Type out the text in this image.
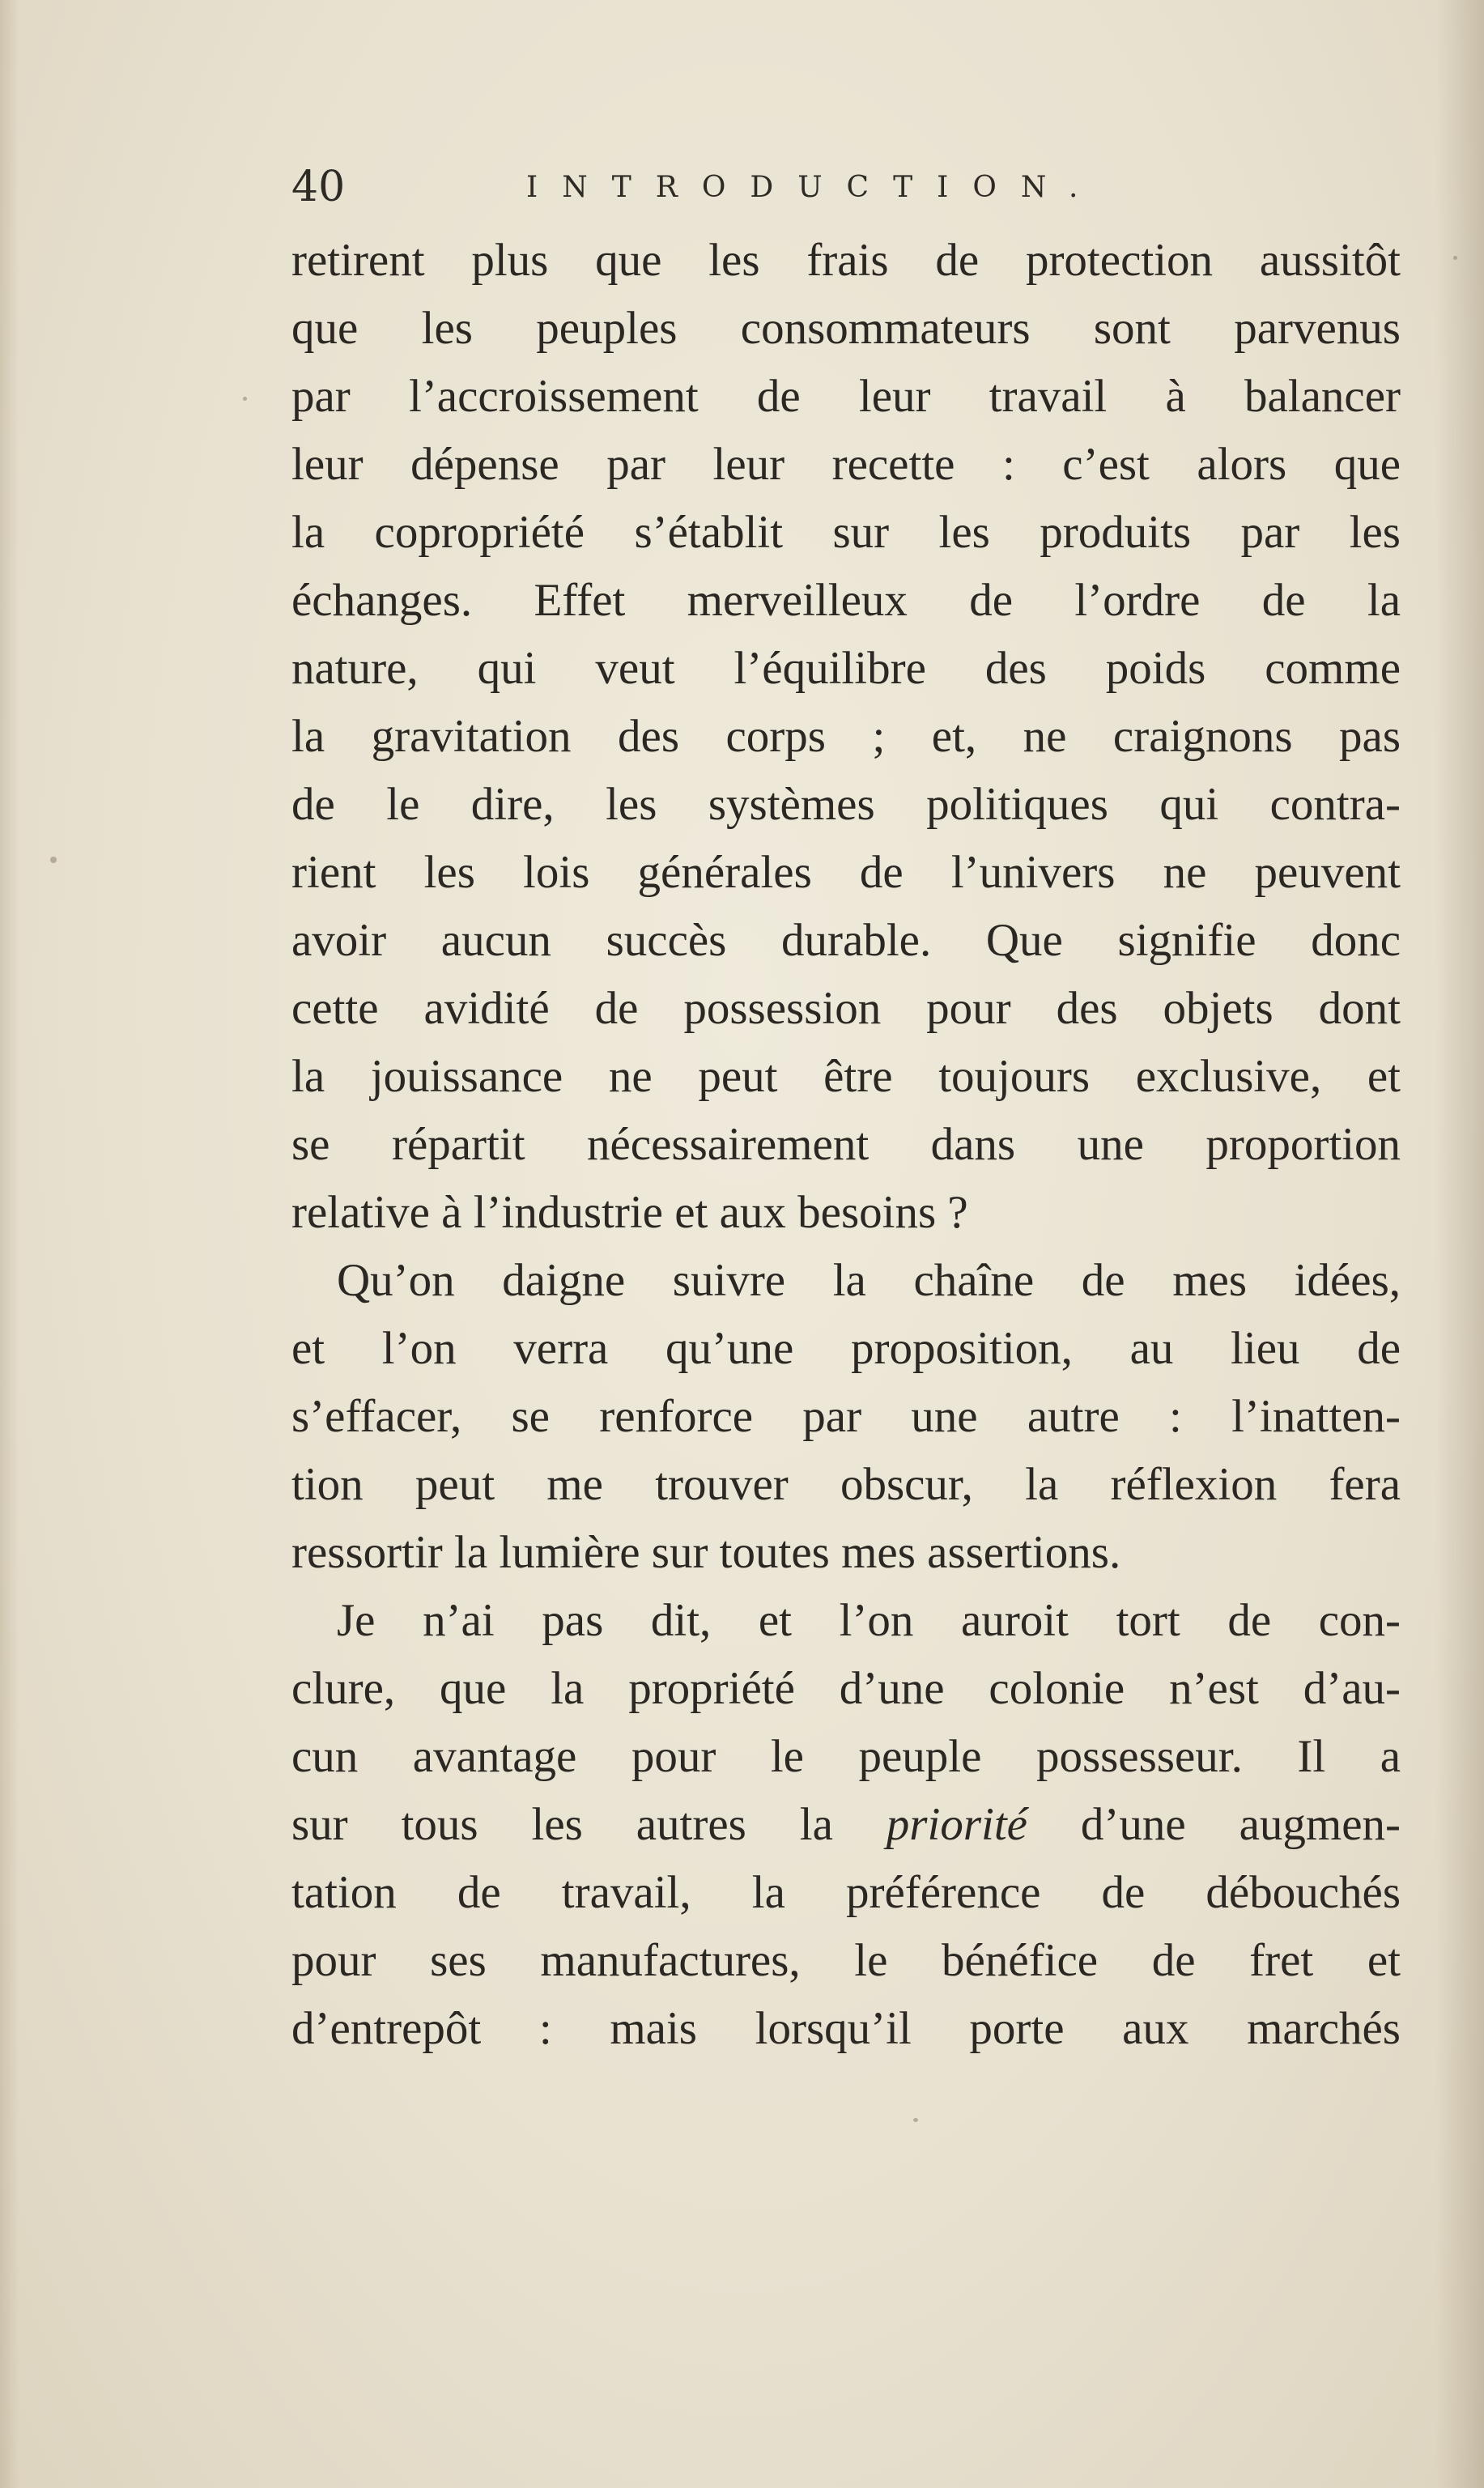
40	INTRODUCTION.

retirent plus que les frais de protection aussitôt
que les peuples consommateurs sont parvenus
par l’accroissement de leur travail à balancer
leur dépense par leur recette : c’est alors que
la copropriété s’établit sur les produits par les
échanges. Effet merveilleux de l’ordre de la
nature, qui veut l’équilibre des poids comme
la gravitation des corps ; et, ne craignons pas
de le dire, les systèmes politiques qui contra-
rient les lois générales de l’univers ne peuvent
avoir aucun succès durable. Que signifie donc
cette avidité de possession pour des objets dont
la jouissance ne peut être toujours exclusive, et
se répartit nécessairement dans une proportion
relative à l’industrie et aux besoins ?

Qu’on daigne suivre la chaîne de mes idées,
et l’on verra qu’une proposition, au lieu de
s’effacer, se renforce par une autre : l’inatten-
tion peut me trouver obscur, la réflexion fera
ressortir la lumière sur toutes mes assertions.

Je n’ai pas dit, et l’on auroit tort de con-
clure, que la propriété d’une colonie n’est d’au-
cun avantage pour le peuple possesseur. Il a
sur tous les autres la priorité d’une augmen-
tation de travail, la préférence de débouchés
pour ses manufactures, le bénéfice de fret et
d’entrepôt : mais lorsqu’il porte aux marchés
